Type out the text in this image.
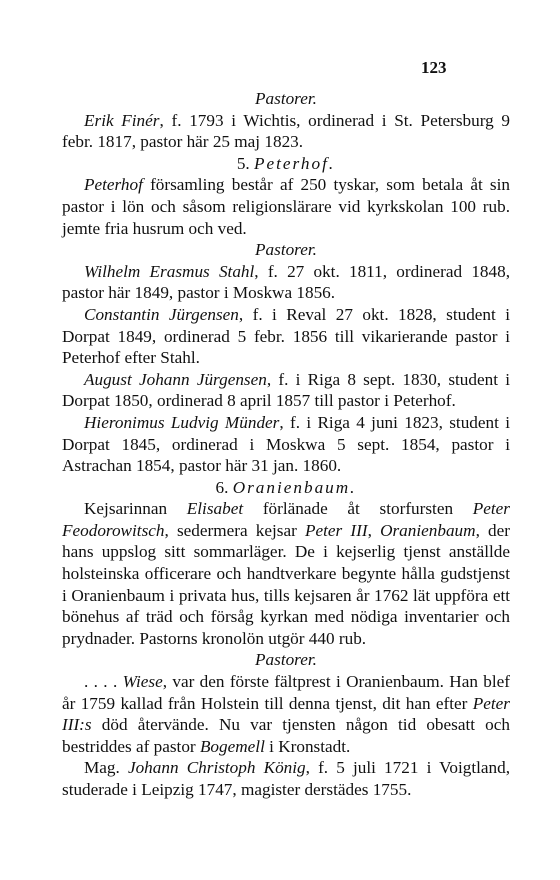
123

Pastorer.

Erik Finér, f. 1793 i Wichtis, ordinerad i St. Petersburg 9 febr. 1817, pastor här 25 maj 1823.

5. Peterhof.

Peterhof församling består af 250 tyskar, som betala åt sin pastor i lön och såsom religionslärare vid kyrkskolan 100 rub. jemte fria husrum och ved.

Pastorer.

Wilhelm Erasmus Stahl, f. 27 okt. 1811, ordinerad 1848, pastor här 1849, pastor i Moskwa 1856.

Constantin Jürgensen, f. i Reval 27 okt. 1828, student i Dorpat 1849, ordinerad 5 febr. 1856 till vikarierande pastor i Peterhof efter Stahl.

August Johann Jürgensen, f. i Riga 8 sept. 1830, student i Dorpat 1850, ordinerad 8 april 1857 till pastor i Peterhof.

Hieronimus Ludvig Münder, f. i Riga 4 juni 1823, student i Dorpat 1845, ordinerad i Moskwa 5 sept. 1854, pastor i Astrachan 1854, pastor här 31 jan. 1860.

6. Oranienbaum.

Kejsarinnan Elisabet förlänade åt storfursten Peter Feodorowitsch, sedermera kejsar Peter III, Oranienbaum, der hans uppslog sitt sommarläger. De i kejserlig tjenst anställde holsteinska officerare och handtverkare begynte hålla gudstjenst i Oranienbaum i privata hus, tills kejsaren år 1762 lät uppföra ett bönehus af träd och försåg kyrkan med nödiga inventarier och prydnader. Pastorns kronolön utgör 440 rub.

Pastorer.

. . . . Wiese, var den förste fältprest i Oranienbaum. Han blef år 1759 kallad från Holstein till denna tjenst, dit han efter Peter III:s död återvände. Nu var tjensten någon tid obesatt och bestriddes af pastor Bogemell i Kronstadt.

Mag. Johann Christoph König, f. 5 juli 1721 i Voigtland, studerade i Leipzig 1747, magister derstädes 1755.
